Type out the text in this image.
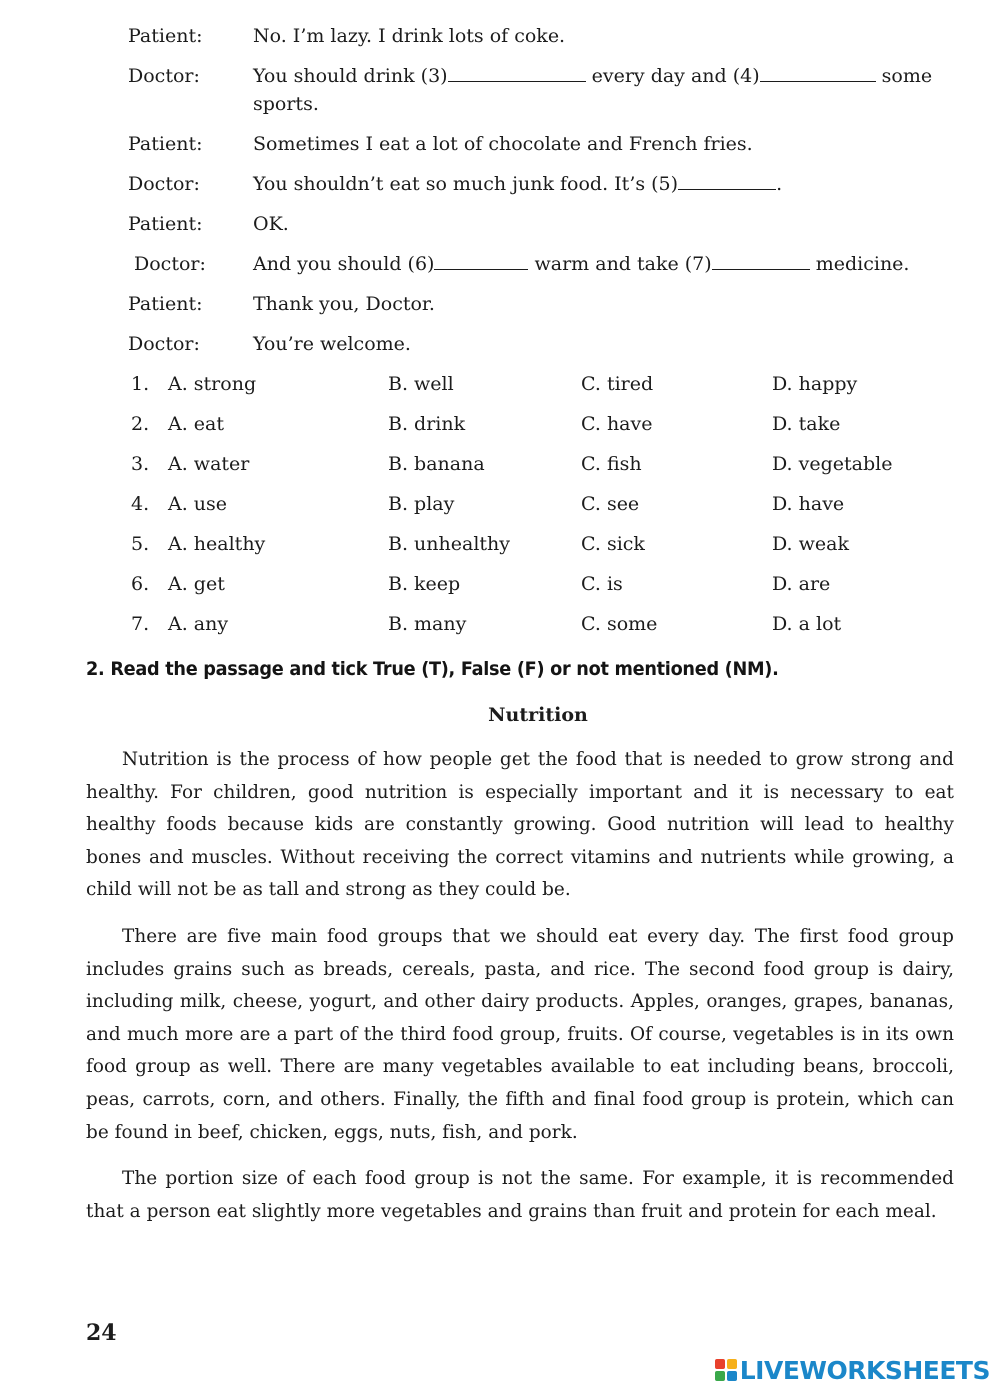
Patient:	No. I’m lazy. I drink lots of coke.
Doctor:	You should drink (3)	every day and (4)	some sports.
Patient:	Sometimes I eat a lot of chocolate and French fries.
Doctor:	You shouldn’t eat so much junk food. It’s (5)	.
Patient:	OK.
Doctor: And you should (6)	warm and take (7)	medicine.
Patient:	Thank you, Doctor.
Doctor:	You’re welcome.
1. A. strong	B. well	C. tired	D. happy
2. A. eat	B. drink	C. have	D. take
3. A. water	B. banana	C. fish	D. vegetable
4. A. use	B. play	C. see	D. have
5. A. healthy	B. unhealthy	C. sick	D. weak
6. A. get	B. keep	C. is	D. are
7. A. any	B. many	C. some	D. a lot
2. Read the passage and tick True (T), False (F) or not mentioned (NM).
Nutrition

Nutrition is the process of how people get the food that is needed to grow strong and healthy. For children, good nutrition is especially important and it is necessary to eat healthy foods because kids are constantly growing. Good nutrition will lead to healthy bones and muscles. Without receiving the correct vitamins and nutrients while growing, a child will not be as tall and strong as they could be.

There are five main food groups that we should eat every day. The first food group includes grains such as breads, cereals, pasta, and rice. The second food group is dairy, including milk, cheese, yogurt, and other dairy products. Apples, oranges, grapes, bananas, and much more are a part of the third food group, fruits. Of course, vegetables is in its own food group as well. There are many vegetables available to eat including beans, broccoli, peas, carrots, corn, and others. Finally, the fifth and final food group is protein, which can be found in beef, chicken, eggs, nuts, fish, and pork.

The portion size of each food group is not the same. For example, it is recommended that a person eat slightly more vegetables and grains than fruit and protein for each meal.

24
LIVEWORKSHEETS
